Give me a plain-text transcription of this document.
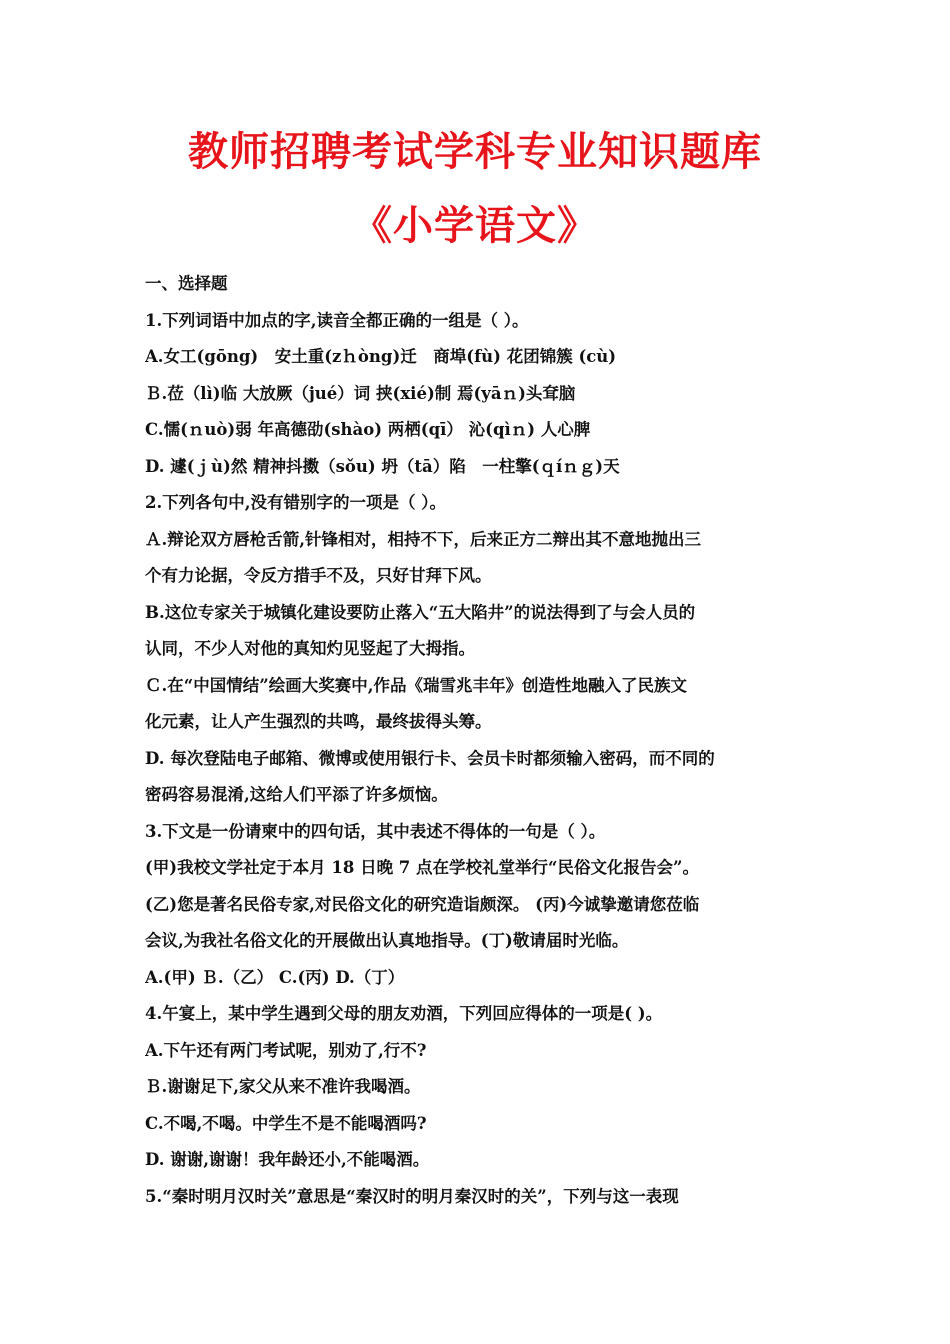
教师招聘考试学科专业知识题库
《小学语文》
一、选择题
1.下列词语中加点的字,读音全都正确的一组是（ ）。
A.女工(gōng)　安土重(zｈòng)迁　商埠(fù) 花团锦簇 (cù)
Ｂ.莅（lì)临 大放厥（jué）词 挟(xié)制 焉(yāｎ)头耷脑
C.懦(ｎuò)弱 年高德劭(shào) 两栖(qī） 沁(qìｎ) 人心脾
D. 遽(ｊù)然 精神抖擞（sǒu) 坍（tā）陷　一柱擎(ｑíｎｇ)天
2.下列各句中,没有错别字的一项是（ ）。
Ａ.辩论双方唇枪舌箭,针锋相对，相持不下，后来正方二辩出其不意地抛出三
个有力论据，令反方措手不及，只好甘拜下风。
B.这位专家关于城镇化建设要防止落入“五大陷井”的说法得到了与会人员的
认同，不少人对他的真知灼见竖起了大拇指。
Ｃ.在“中国情结”绘画大奖赛中,作品《瑞雪兆丰年》创造性地融入了民族文
化元素，让人产生强烈的共鸣，最终拔得头筹。
D. 每次登陆电子邮箱、微博或使用银行卡、会员卡时都须输入密码，而不同的
密码容易混淆,这给人们平添了许多烦恼。
3.下文是一份请柬中的四句话，其中表述不得体的一句是（ ）。
(甲)我校文学社定于本月 18 日晚 7 点在学校礼堂举行“民俗文化报告会”。
(乙)您是著名民俗专家,对民俗文化的研究造诣颇深。 (丙)今诚挚邀请您莅临
会议,为我社名俗文化的开展做出认真地指导。(丁)敬请届时光临。
A.(甲) Ｂ.（乙） C.(丙) D.（丁）
4.午宴上，某中学生遇到父母的朋友劝酒，下列回应得体的一项是( )。
A.下午还有两门考试呢，别劝了,行不?
Ｂ.谢谢足下,家父从来不准许我喝酒。
C.不喝,不喝。中学生不是不能喝酒吗?
D. 谢谢,谢谢！我年龄还小,不能喝酒。
5.“秦时明月汉时关”意思是“秦汉时的明月秦汉时的关”，下列与这一表现
